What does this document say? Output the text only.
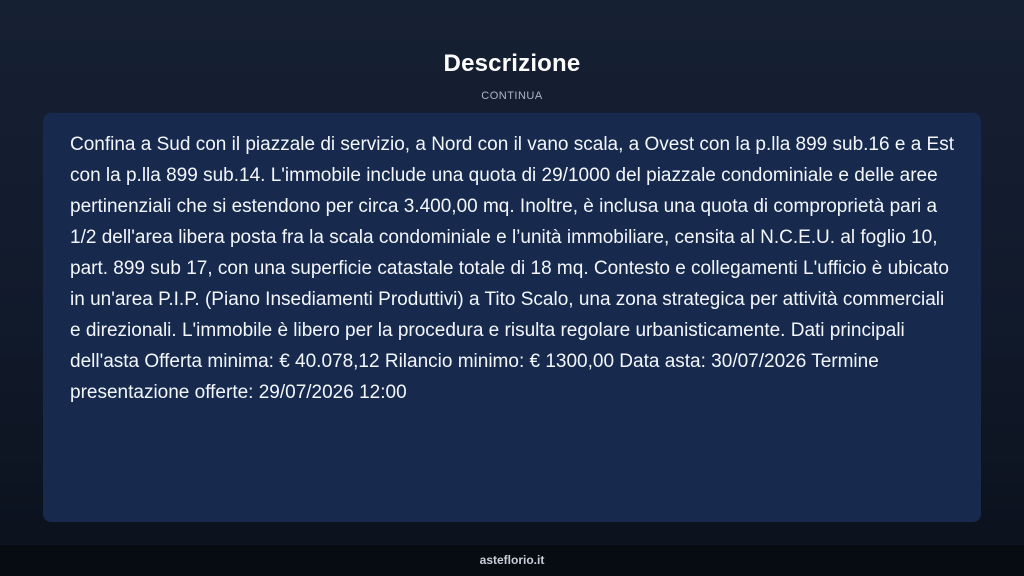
Descrizione
CONTINUA

Confina a Sud con il piazzale di servizio, a Nord con il vano scala, a Ovest con la p.lla 899 sub.16 e a Est con la p.lla 899 sub.14. L'immobile include una quota di 29/1000 del piazzale condominiale e delle aree pertinenziali che si estendono per circa 3.400,00 mq. Inoltre, è inclusa una quota di comproprietà pari a 1/2 dell'area libera posta fra la scala condominiale e l’unità immobiliare, censita al N.C.E.U. al foglio 10, part. 899 sub 17, con una superficie catastale totale di 18 mq. Contesto e collegamenti L'ufficio è ubicato in un'area P.I.P. (Piano Insediamenti Produttivi) a Tito Scalo, una zona strategica per attività commerciali e direzionali. L'immobile è libero per la procedura e risulta regolare urbanisticamente. Dati principali dell'asta Offerta minima: € 40.078,12 Rilancio minimo: € 1300,00 Data asta: 30/07/2026 Termine presentazione offerte: 29/07/2026 12:00

asteflorio.it
